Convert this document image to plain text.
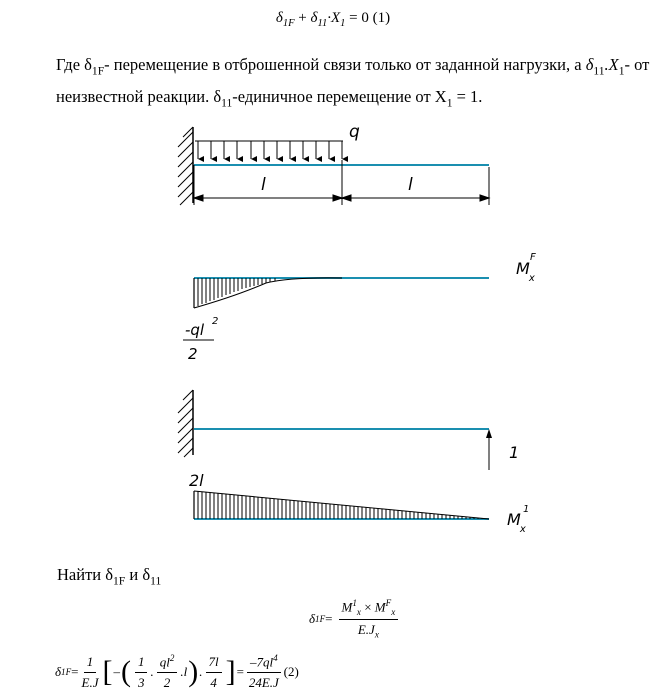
$\delta_{1F} + \delta_{11}\cdot X_1 = 0$ (1)
Где $\delta_{1F}-$ перемещение в отброшенной связи только от заданной нагрузки, а $\delta_{11}.X_1-$ от неизвестной реакции. $\delta_{11}$-единичное перемещение от $X_1 = 1$.
q
l	l
Mx
F
-ql 2
2
1
2l
Mx
1
Найти $\delta_{1F}$ и $\delta_{11}$
δ $1F = \frac{M^1_x \times M^F_x}{E.J_x}$
δ $1F = \frac{1}{E.J}$ [ – ( $\frac{1}{3}$ . $\frac{ql^2}{2} .l$ ) . $\frac{7l}{4}$ ] = $\frac{-7ql^4}{24E.J} (2)$
